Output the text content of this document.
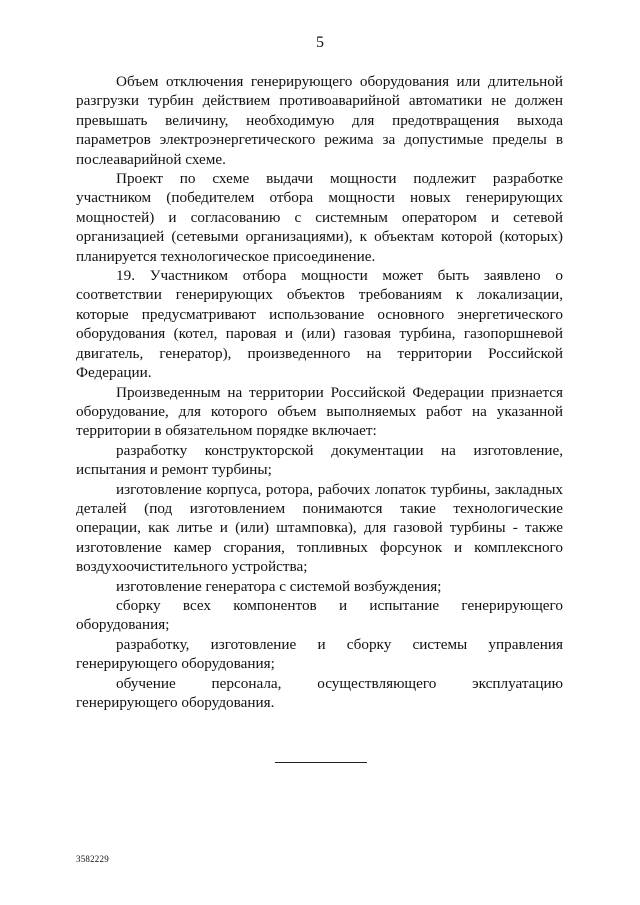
5

Объем отключения генерирующего оборудования или длительной разгрузки турбин действием противоаварийной автоматики не должен превышать величину, необходимую для предотвращения выхода параметров электроэнергетического режима за допустимые пределы в послеаварийной схеме.

Проект по схеме выдачи мощности подлежит разработке участником (победителем отбора мощности новых генерирующих мощностей) и согласованию с системным оператором и сетевой организацией (сетевыми организациями), к объектам которой (которых) планируется технологическое присоединение.

19. Участником отбора мощности может быть заявлено о соответствии генерирующих объектов требованиям к локализации, которые предусматривают использование основного энергетического оборудования (котел, паровая и (или) газовая турбина, газопоршневой двигатель, генератор), произведенного на территории Российской Федерации.

Произведенным на территории Российской Федерации признается оборудование, для которого объем выполняемых работ на указанной территории в обязательном порядке включает:

разработку конструкторской документации на изготовление, испытания и ремонт турбины;

изготовление корпуса, ротора, рабочих лопаток турбины, закладных деталей (под изготовлением понимаются такие технологические операции, как литье и (или) штамповка), для газовой турбины - также изготовление камер сгорания, топливных форсунок и комплексного воздухоочистительного устройства;

изготовление генератора с системой возбуждения;

сборку всех компонентов и испытание генерирующего оборудования;

разработку, изготовление и сборку системы управления генерирующего оборудования;

обучение персонала, осуществляющего эксплуатацию генерирующего оборудования.

3582229
